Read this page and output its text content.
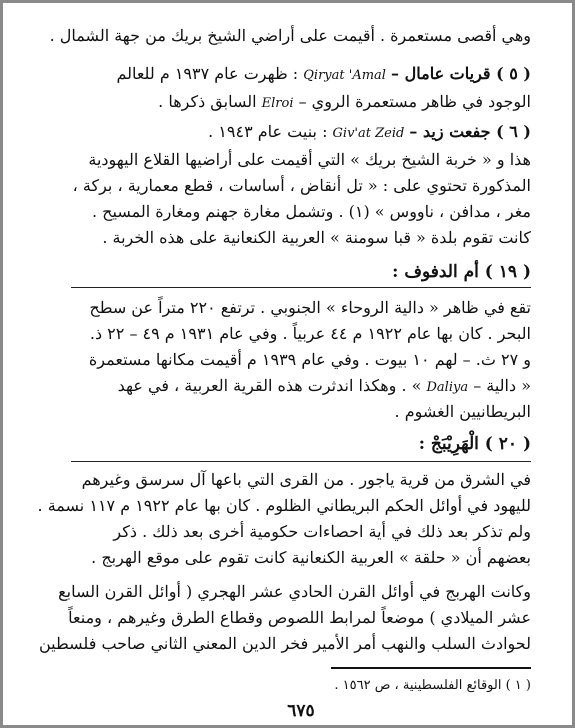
وهي أقصى مستعمرة . أقيمت على أراضي الشيخ بريك من جهة الشمال .
( ٥ ) قريات عامال – Qiryat 'Amal : ظهرت عام ١٩٣٧ م للعالم
الوجود في ظاهر مستعمرة الروي – Elroi السابق ذكرها .
( ٦ ) جفعت زيد – Giv'at Zeid : بنيت عام ١٩٤٣ .
هذا و « خربة الشيخ بريك » التي أقيمت على أراضيها القلاع اليهودية
المذكورة تحتوي على : « تل أنقاض ، أساسات ، قطع معمارية ، بركة ،
مغر ، مدافن ، ناووس » (١) . وتشمل مغارة جهنم ومغارة المسيح .
كانت تقوم بلدة « قبا سومنة » العربية الكنعانية على هذه الخربة .
( ١٩ ) أم الدفوف :
تقع في ظاهر « دالية الروحاء » الجنوبي . ترتفع ٢٢٠ متراً عن سطح
البحر . كان بها عام ١٩٢٢ م ٤٤ عربياً . وفي عام ١٩٣١ م ٤٩ – ٢٢ ذ.
و ٢٧ ث. – لهم ١٠ بيوت . وفي عام ١٩٣٩ م أقيمت مكانها مستعمرة
« دالية – Daliya » . وهكذا اندثرت هذه القرية العربية ، في عهد
البريطانيين الغشوم .
( ٢٠ ) الْهَرِيْبَجْ :
في الشرق من قرية ياجور . من القرى التي باعها آل سرسق وغيرهم
لليهود في أوائل الحكم البريطاني الظلوم . كان بها عام ١٩٢٢ م ١١٧ نسمة .
ولم تذكر بعد ذلك في أية احصاءات حكومية أخرى بعد ذلك . ذكر
بعضهم أن « حلقة » العربية الكنعانية كانت تقوم على موقع الهربج .
وكانت الهربج في أوائل القرن الحادي عشر الهجري ( أوائل القرن السابع
عشر الميلادي ) موضعاً لمرابط اللصوص وقطاع الطرق وغيرهم ، ومنعاً
لحوادث السلب والنهب أمر الأمير فخر الدين المعني الثاني صاحب فلسطين
( ١ ) الوقائع الفلسطينية ، ص ١٥٦٢ .
٦٧٥
